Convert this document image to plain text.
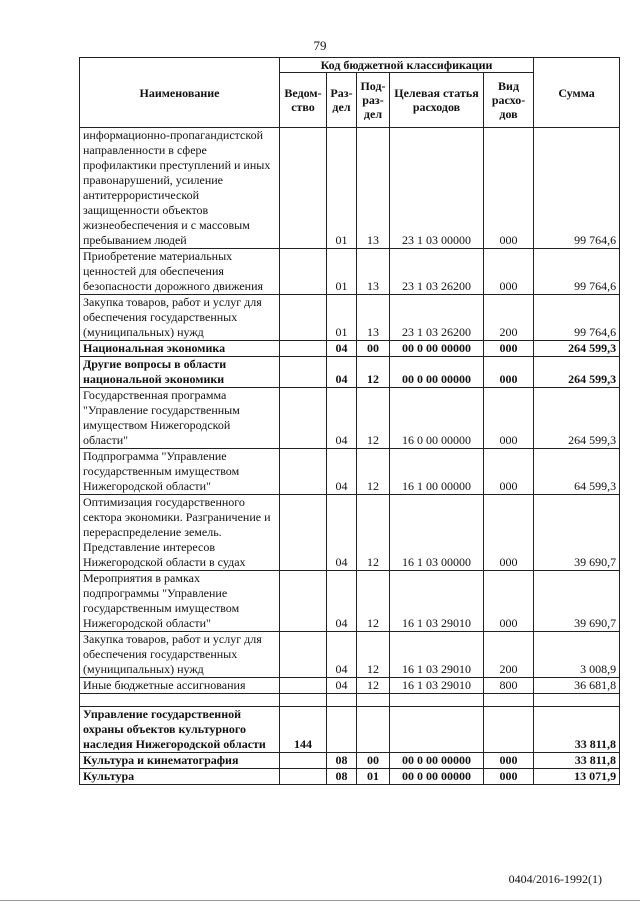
79
Наименование	Код бюджетной классификации					Сумма
	Ведом-ство	Раз-дел	Под-раз-дел	Целевая статья расходов	Вид расхо-дов	
информационно-пропагандистской направленности в сфере профилактики преступлений и иных правонарушений, усиление антитеррористической защищенности объектов жизнеобеспечения и с массовым пребыванием людей		01	13	23 1 03 00000	000	99 764,6
Приобретение материальных ценностей для обеспечения безопасности дорожного движения		01	13	23 1 03 26200	000	99 764,6
Закупка товаров, работ и услуг для обеспечения государственных (муниципальных) нужд		01	13	23 1 03 26200	200	99 764,6
Национальная экономика		04	00	00 0 00 00000	000	264 599,3
Другие вопросы в области национальной экономики		04	12	00 0 00 00000	000	264 599,3
Государственная программа "Управление государственным имуществом Нижегородской области"		04	12	16 0 00 00000	000	264 599,3
Подпрограмма "Управление государственным имуществом Нижегородской области"		04	12	16 1 00 00000	000	64 599,3
Оптимизация государственного сектора экономики. Разграничение и перераспределение земель. Представление интересов Нижегородской области в судах		04	12	16 1 03 00000	000	39 690,7
Мероприятия в рамках подпрограммы "Управление государственным имуществом Нижегородской области"		04	12	16 1 03 29010	000	39 690,7
Закупка товаров, работ и услуг для обеспечения государственных (муниципальных) нужд		04	12	16 1 03 29010	200	3 008,9
Иные бюджетные ассигнования		04	12	16 1 03 29010	800	36 681,8

Управление государственной охраны объектов культурного наследия Нижегородской области	144					33 811,8
Культура и кинематография		08	00	00 0 00 00000	000	33 811,8
Культура		08	01	00 0 00 00000	000	13 071,9
0404/2016-1992(1)
